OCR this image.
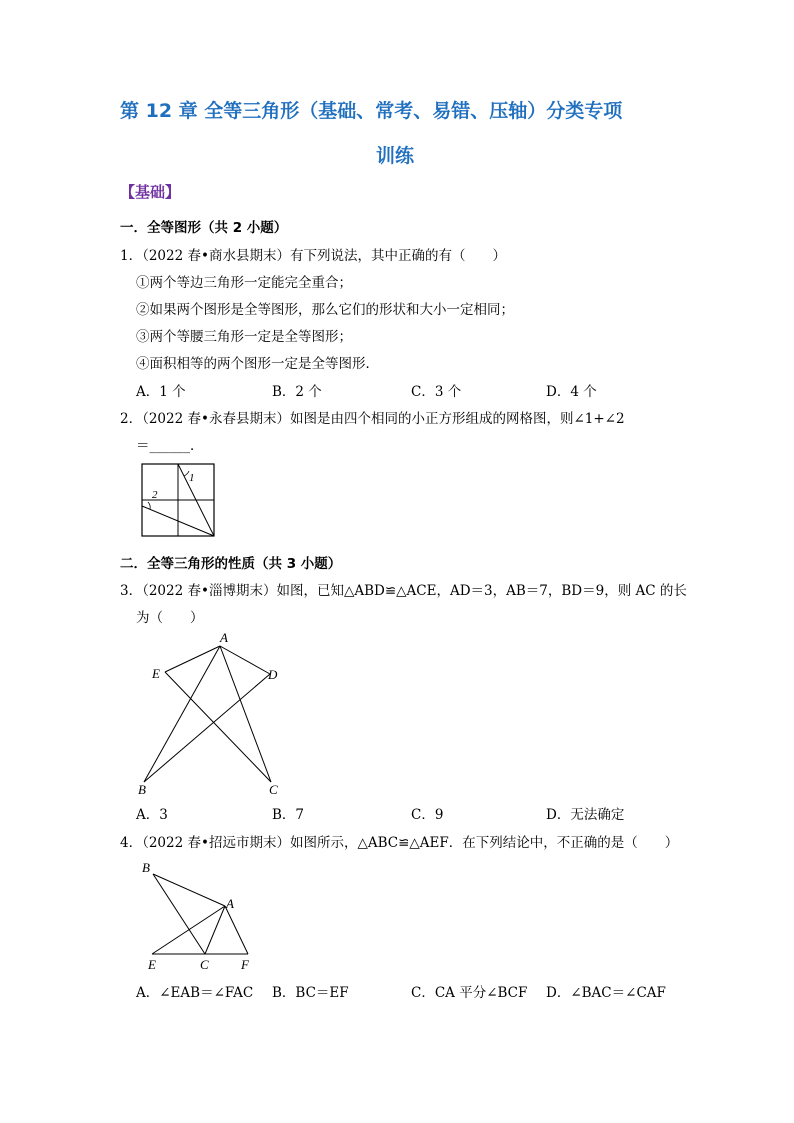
第 12 章 全等三角形（基础、常考、易错、压轴）分类专项
训练
【基础】
一．全等图形（共 2 小题）
1．（2022 春•商水县期末）有下列说法，其中正确的有（　　）
①两个等边三角形一定能完全重合；
②如果两个图形是全等图形，那么它们的形状和大小一定相同；
③两个等腰三角形一定是全等图形；
④面积相等的两个图形一定是全等图形．
A．1 个	B．2 个	C．3 个	D．4 个
2．（2022 春•永春县期末）如图是由四个相同的小正方形组成的网格图，则∠1+∠2
＝______．
1
2
二．全等三角形的性质（共 3 小题）
3．（2022 春•淄博期末）如图，已知△ABD≌△ACE，AD＝3，AB＝7，BD＝9，则 AC 的长
为（　　）
A
E	D
B	C
A．3	B．7	C．9	D．无法确定
4．（2022 春•招远市期末）如图所示，△ABC≌△AEF．在下列结论中，不正确的是（　　）
B
A
E	C F
A．∠EAB＝∠FAC B．BC＝EF	C．CA 平分∠BCF D．∠BAC＝∠CAF
